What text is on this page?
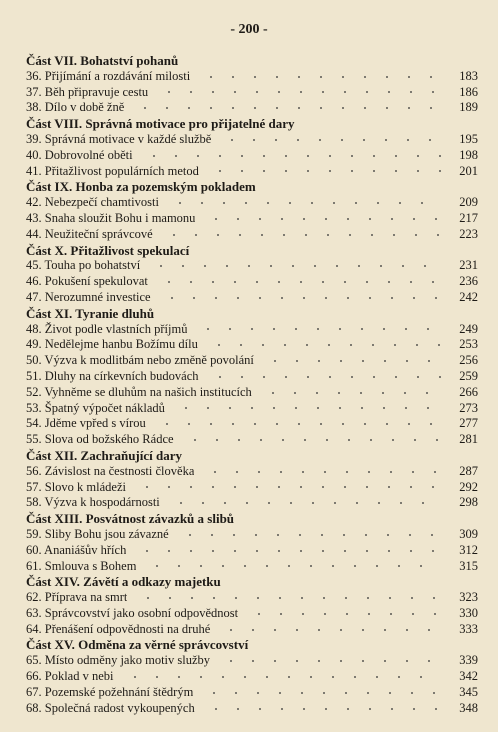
- 200 -
Část VII. Bohatství pohanů
36. Přijímání a rozdávání milosti	183
37. Běh připravuje cestu	186
38. Dílo v době žně	189
Část VIII. Správná motivace pro přijatelné dary
39. Správná motivace v každé službě	195
40. Dobrovolné oběti	198
41. Přitažlivost populárních metod	201
Část IX. Honba za pozemským pokladem
42. Nebezpečí chamtivosti	209
43. Snaha sloužit Bohu i mamonu	217
44. Neužiteční správcové	223
Část X. Přitažlivost spekulací
45. Touha po bohatství	231
46. Pokušení spekulovat	236
47. Nerozumné investice	242
Část XI. Tyranie dluhů
48. Život podle vlastních příjmů	249
49. Nedělejme hanbu Božímu dílu	253
50. Výzva k modlitbám nebo změně povolání	256
51. Dluhy na církevních budovách	259
52. Vyhněme se dluhům na našich institucích	266
53. Špatný výpočet nákladů	273
54. Jděme vpřed s vírou	277
55. Slova od božského Rádce	281
Část XII. Zachraňující dary
56. Závislost na čestnosti člověka	287
57. Slovo k mládeži	292
58. Výzva k hospodárnosti	298
Část XIII. Posvátnost závazků a slibů
59. Sliby Bohu jsou závazné	309
60. Ananiášův hřích	312
61. Smlouva s Bohem	315
Část XIV. Závětí a odkazy majetku
62. Příprava na smrt	323
63. Správcovství jako osobní odpovědnost	330
64. Přenášení odpovědnosti na druhé	333
Část XV. Odměna za věrné správcovství
65. Místo odměny jako motiv služby	339
66. Poklad v nebi	342
67. Pozemské požehnání štědrým	345
68. Společná radost vykoupených	348
